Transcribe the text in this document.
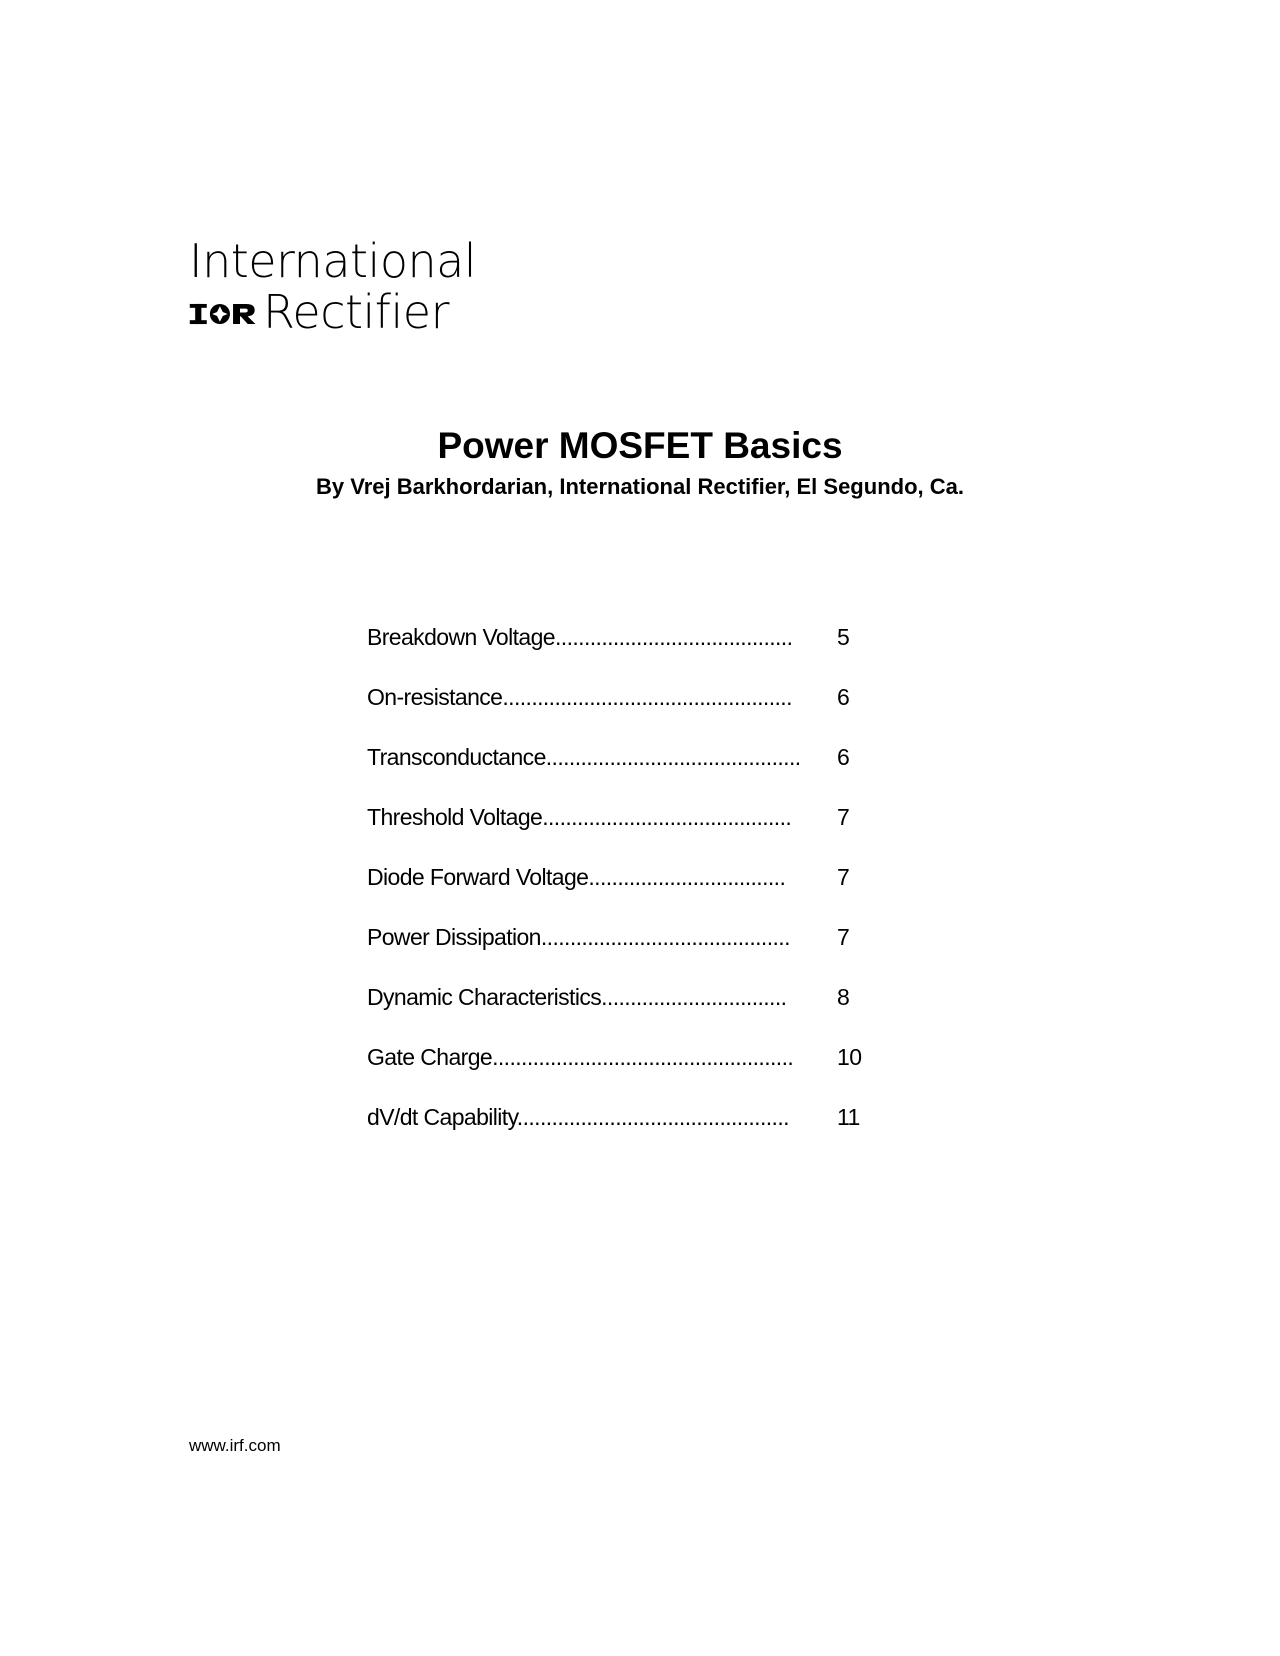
International
Rectifier
Power MOSFET Basics
By Vrej Barkhordarian, International Rectifier, El Segundo, Ca.
Breakdown Voltage.........................................	5
On-resistance..................................................	6
Transconductance............................................	6
Threshold Voltage...........................................	7
Diode Forward Voltage..................................	7
Power Dissipation...........................................	7
Dynamic Characteristics................................	8
Gate Charge....................................................	10
dV/dt Capability...............................................	11
www.irf.com
